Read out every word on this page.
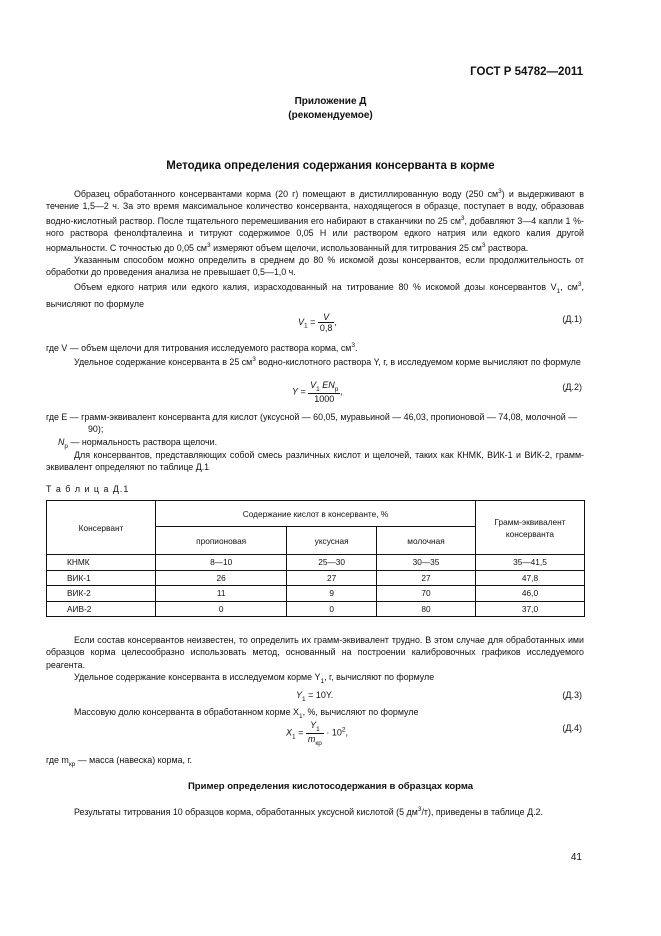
ГОСТ Р 54782—2011
Приложение Д
(рекомендуемое)
Методика определения содержания консерванта в корме

Образец обработанного консервантами корма (20 г) помещают в дистиллированную воду (250 $см^3$) и выдерживают в течение 1,5—2 ч. За это время максимальное количество консерванта, находящегося в образце, поступает в воду, образовав водно-кислотный раствор. После тщательного перемешивания его набирают в стаканчики по 25 $см^3$, добавляют 3—4 капли 1 %-ного раствора фенолфталеина и титруют содержимое 0,05 Н или раствором едкого натрия или едкого калия другой нормальности. С точностью до 0,05 $см^3$ измеряют объем щелочи, использованный для титрования 25 $см^3$ раствора.

Указанным способом можно определить в среднем до 80 % искомой дозы консервантов, если продолжительность от обработки до проведения анализа не превышает 0,5—1,0 ч.

Объем едкого натрия или едкого калия, израсходованный на титрование 80 % искомой дозы консервантов $V_1$, $см^3$, вычисляют по формуле

$V_1 = \frac{V}{0,8}$ ,	(Д.1)

где V — объем щелочи для титрования исследуемого раствора корма, $см^3$.

Удельное содержание консерванта в 25 $см^3$ водно-кислотного раствора Y, г, в исследуемом корме вычисляют по формуле

$Y = \frac{V_1 EN_р}{1000}$ ,	(Д.2)
где E — грамм-эквивалент консерванта для кислот (уксусной — 60,05, муравьиной — 46,03, пропионовой — 74,08, молочной — 90);
$N_р$ — нормальность раствора щелочи.

Для консервантов, представляющих собой смесь различных кислот и щелочей, таких как КНМК, ВИК-1 и ВИК-2, грамм-эквивалент определяют по таблице Д.1

Т а б л и ц а Д.1
Консервант	Содержание кислот в консерванте, %			Грамм-эквивалент консерванта
	пропионовая	уксусная	молочная	
КНМК	8—10	25—30	30—35	35—41,5
ВИК-1	26	27	27	47,8
ВИК-2	11	9	70	46,0
АИВ-2	0	0	80	37,0

Если состав консервантов неизвестен, то определить их грамм-эквивалент трудно. В этом случае для обработанных ими образцов корма целесообразно использовать метод, основанный на построении калибровочных графиков исследуемого реагента.

Удельное содержание консерванта в исследуемом корме $Y_1$, г, вычисляют по формуле

$Y_1 = 10Y$.	(Д.3)

Массовую долю консерванта в обработанном корме $X_1$, %, вычисляют по формуле

$X_1 = \frac{Y_1}{m_{кр}} \cdot 10^2$,	(Д.4)
где $m_{кр}$ — масса (навеска) корма, г.
Пример определения кислотосодержания в образцах корма

Результаты титрования 10 образцов корма, обработанных уксусной кислотой (5 $дм^3/т$), приведены в таблице Д.2.

41
